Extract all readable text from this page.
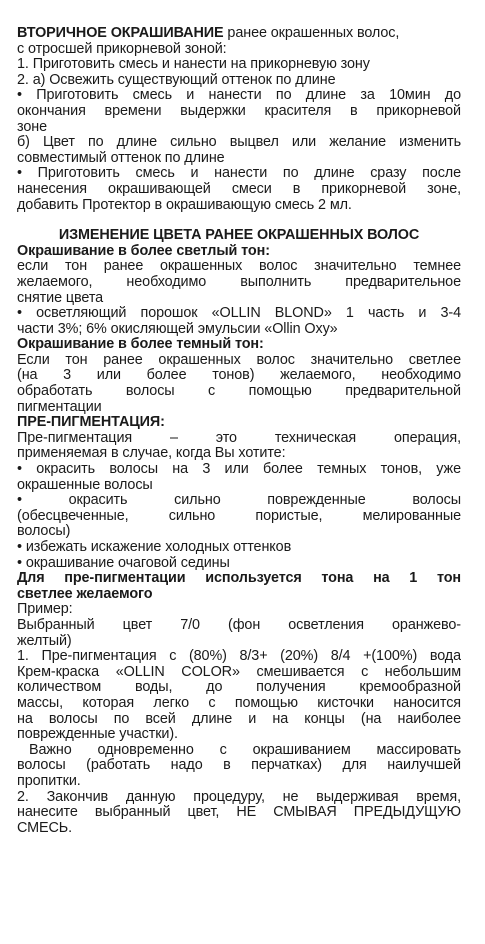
ВТОРИЧНОЕ ОКРАШИВАНИЕ ранее окрашенных волос,
с отросшей прикорневой зоной:
1. Приготовить смесь и нанести на прикорневую зону
2. а) Освежить существующий оттенок по длине
• Приготовить смесь и нанести по длине за 10мин до
окончания времени выдержки красителя в прикорневой
зоне
б) Цвет по длине сильно выцвел или желание изменить
совместимый оттенок по длине
• Приготовить смесь и нанести по длине сразу после
нанесения окрашивающей смеси в прикорневой зоне,
добавить Протектор в окрашивающую смесь 2 мл.
ИЗМЕНЕНИЕ ЦВЕТА РАНЕЕ ОКРАШЕННЫХ ВОЛОС
Окрашивание в более светлый тон:
если тон ранее окрашенных волос значительно темнее
желаемого, необходимо выполнить предварительное
снятие цвета
• осветляющий порошок «OLLIN BLOND» 1 часть и 3-4
части 3%; 6% окисляющей эмульсии «Ollin Oxy»
Окрашивание в более темный тон:
Если тон ранее окрашенных волос значительно светлее
(на 3 или более тонов) желаемого, необходимо
обработать волосы с помощью предварительной
пигментации
ПРЕ-ПИГМЕНТАЦИЯ:
Пре-пигментация – это техническая операция,
применяемая в случае, когда Вы хотите:
• окрасить волосы на 3 или более темных тонов, уже
окрашенные волосы
• окрасить сильно поврежденные волосы
(обесцвеченные, сильно пористые, мелированные
волосы)
• избежать искажение холодных оттенков
• окрашивание очаговой седины
Для пре-пигментации используется тона на 1 тон
светлее желаемого
Пример:
Выбранный цвет 7/0 (фон осветления оранжево-
желтый)
1. Пре-пигментация с (80%) 8/3+ (20%) 8/4 +(100%) вода
Крем-краска «OLLIN COLOR» смешивается с небольшим
количеством воды, до получения кремообразной
массы, которая легко с помощью кисточки наносится
на волосы по всей длине и на концы (на наиболее
поврежденные участки).
Важно одновременно с окрашиванием массировать
волосы (работать надо в перчатках) для наилучшей
пропитки.
2. Закончив данную процедуру, не выдерживая время,
нанесите выбранный цвет, НЕ СМЫВАЯ ПРЕДЫДУЩУЮ
СМЕСЬ.
